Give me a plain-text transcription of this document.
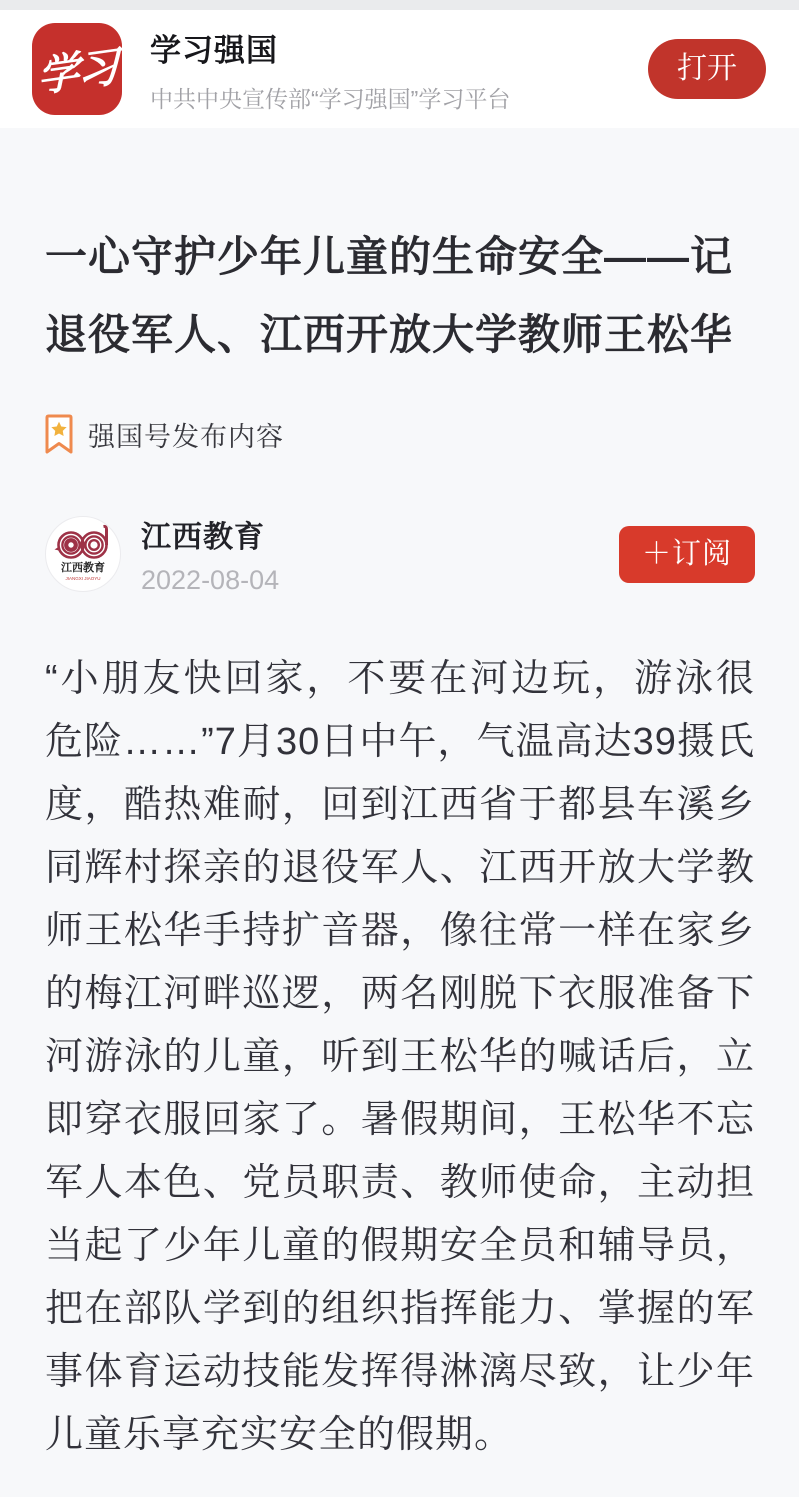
学习 学习强国
中共中央宣传部“学习强国”学习平台
打开
一心守护少年儿童的生命安全——记退役军人、江西开放大学教师王松华
强国号发布内容
江西教育
JIANGXI JIAOYU
江西教育
2022-08-04
＋订阅

“小朋友快回家，不要在河边玩，游泳很危险……”7月30日中午，气温高达39摄氏度，酷热难耐，回到江西省于都县车溪乡同辉村探亲的退役军人、江西开放大学教师王松华手持扩音器，像往常一样在家乡的梅江河畔巡逻，两名刚脱下衣服准备下河游泳的儿童，听到王松华的喊话后，立即穿衣服回家了。暑假期间，王松华不忘军人本色、党员职责、教师使命，主动担当起了少年儿童的假期安全员和辅导员，把在部队学到的组织指挥能力、掌握的军事体育运动技能发挥得淋漓尽致，让少年儿童乐享充实安全的假期。
